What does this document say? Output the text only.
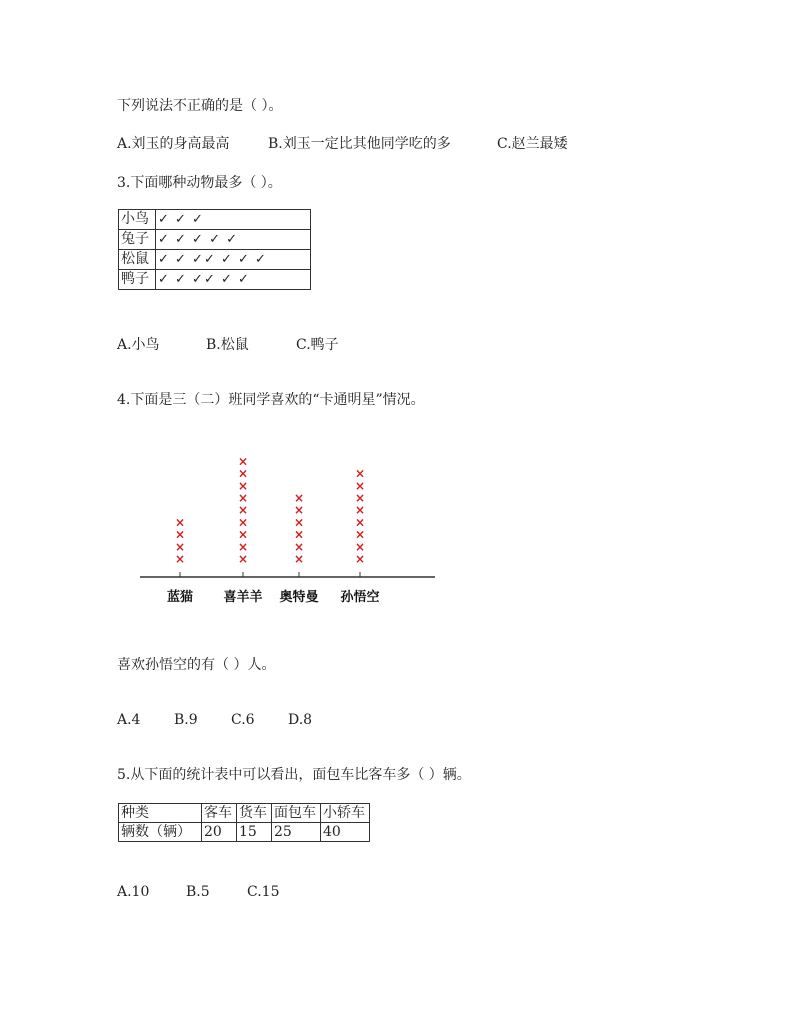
下列说法不正确的是（ ）。
A.刘玉的身高最高	B.刘玉一定比其他同学吃的多	C.赵兰最矮
3.下面哪种动物最多（ ）。
小鸟	✓ ✓ ✓
兔子	✓ ✓ ✓ ✓ ✓
松鼠	✓ ✓ ✓✓ ✓ ✓ ✓
鸭子	✓ ✓ ✓✓ ✓ ✓
A.小鸟	B.松鼠	C.鸭子
4.下面是三（二）班同学喜欢的“卡通明星”情况。
×
×
×
×
×
×
×
×
×
×
×
×
×
×
×
×
×
×
×
×
×
×
×
×
×
×
×
蓝猫 喜羊羊 奥特曼 孙悟空
喜欢孙悟空的有（ ）人。
A.4 B.9 C.6 D.8
5.从下面的统计表中可以看出，面包车比客车多（ ）辆。
种类	客车	货车	面包车	小轿车
辆数（辆）	20	15	25	40
A.10	B.5	C.15
